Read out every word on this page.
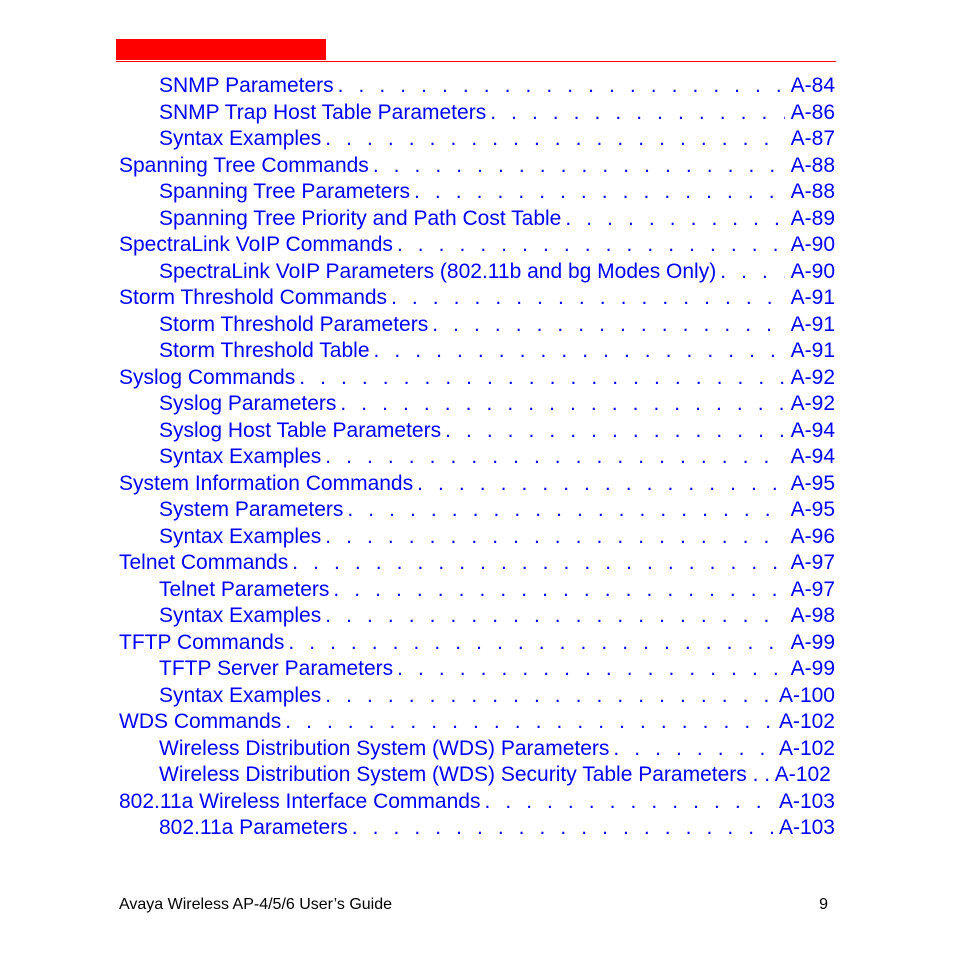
SNMP Parameters . . .	A-84
SNMP Trap Host Table Parameters . . .	A-86
Syntax Examples . . .	A-87
Spanning Tree Commands . . .	A-88
Spanning Tree Parameters . . .	A-88
Spanning Tree Priority and Path Cost Table . . .	A-89
SpectraLink VoIP Commands . . .	A-90
SpectraLink VoIP Parameters (802.11b and bg Modes Only) . . .	A-90
Storm Threshold Commands . . .	A-91
Storm Threshold Parameters . . .	A-91
Storm Threshold Table . . .	A-91
Syslog Commands . . .	A-92
Syslog Parameters . . .	A-92
Syslog Host Table Parameters . . .	A-94
Syntax Examples . . .	A-94
System Information Commands . . .	A-95
System Parameters . . .	A-95
Syntax Examples . . .	A-96
Telnet Commands . . .	A-97
Telnet Parameters . . .	A-97
Syntax Examples . . .	A-98
TFTP Commands . . .	A-99
TFTP Server Parameters . . .	A-99
Syntax Examples . . .	A-100
WDS Commands . . .	A-102
Wireless Distribution System (WDS) Parameters . . .	A-102
Wireless Distribution System (WDS) Security Table Parameters . . A-102
802.11a Wireless Interface Commands . . .	A-103
802.11a Parameters . . .	A-103
Avaya Wireless AP-4/5/6 User’s Guide	9
